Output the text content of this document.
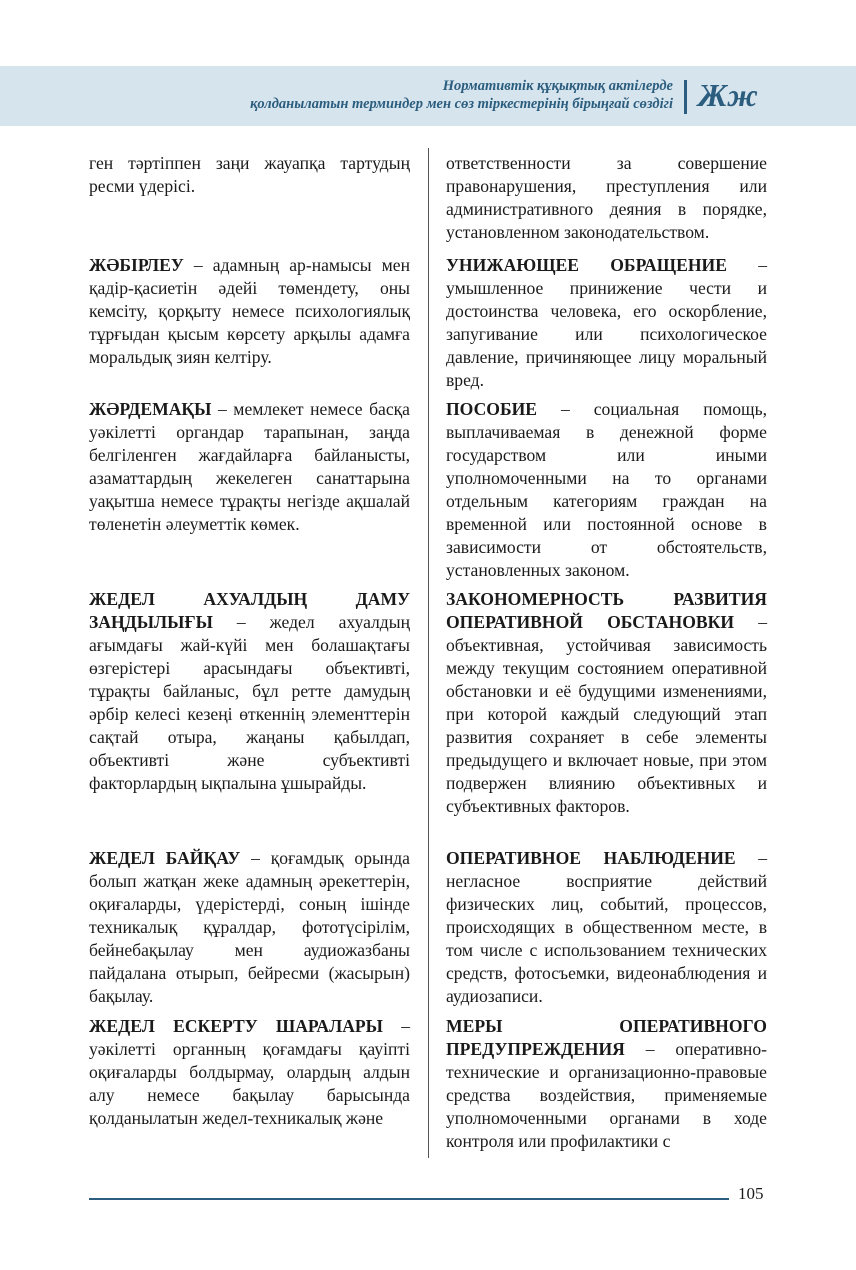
Нормативтік құқықтық актілерде
қолданылатын терминдер мен сөз тіркестерінің бірыңғай сөздігі Жж

ген тәртіппен заңи жауапқа тартудың ресми үдерісі.

ЖӘБІРЛЕУ – адамның ар-намысы мен қадір-қасиетін әдейі төмендету, оны кемсіту, қорқыту немесе психологиялық тұрғыдан қысым көрсету арқылы адамға моральдық зиян келтіру.

ЖӘРДЕМАҚЫ – мемлекет немесе басқа уәкілетті органдар тарапынан, заңда белгіленген жағдайларға байланысты, азаматтардың жекелеген санаттарына уақытша немесе тұрақты негізде ақшалай төленетін әлеуметтік көмек.

ЖЕДЕЛ АХУАЛДЫҢ ДАМУ ЗАҢДЫЛЫҒЫ – жедел ахуалдың ағымдағы жай-күйі мен болашақтағы өзгерістері арасындағы объективті, тұрақты байланыс, бұл ретте дамудың әрбір келесі кезеңі өткеннің элементтерін сақтай отыра, жаңаны қабылдап, объективті және субъективті факторлардың ықпалына ұшырайды.

ЖЕДЕЛ БАЙҚАУ – қоғамдық орында болып жатқан жеке адамның әрекеттерін, оқиғаларды, үдерістерді, соның ішінде техникалық құралдар, фототүсірілім, бейнебақылау мен аудиожазбаны пайдалана отырып, бейресми (жасырын) бақылау.

ЖЕДЕЛ ЕСКЕРТУ ШАРАЛАРЫ – уәкілетті органның қоғамдағы қауіпті оқиғаларды болдырмау, олардың алдын алу немесе бақылау барысында қолданылатын жедел-техникалық және

ответственности за совершение правонарушения, преступления или административного деяния в порядке, установленном законодательством.

УНИЖАЮЩЕЕ ОБРАЩЕНИЕ – умышленное принижение чести и достоинства человека, его оскорбление, запугивание или психологическое давление, причиняющее лицу моральный вред.

ПОСОБИЕ – социальная помощь, выплачиваемая в денежной форме государством или иными уполномоченными на то органами отдельным категориям граждан на временной или постоянной основе в зависимости от обстоятельств, установленных законом.

ЗАКОНОМЕРНОСТЬ РАЗВИТИЯ ОПЕРАТИВНОЙ ОБСТАНОВКИ – объективная, устойчивая зависимость между текущим состоянием оперативной обстановки и её будущими изменениями, при которой каждый следующий этап развития сохраняет в себе элементы предыдущего и включает новые, при этом подвержен влиянию объективных и субъективных факторов.

ОПЕРАТИВНОЕ НАБЛЮДЕНИЕ – негласное восприятие действий физических лиц, событий, процессов, происходящих в общественном месте, в том числе с использованием технических средств, фотосъемки, видеонаблюдения и аудиозаписи.

МЕРЫ ОПЕРАТИВНОГО ПРЕДУПРЕЖДЕНИЯ – оперативно-технические и организационно-правовые средства воздействия, применяемые уполномоченными органами в ходе контроля или профилактики с

105
